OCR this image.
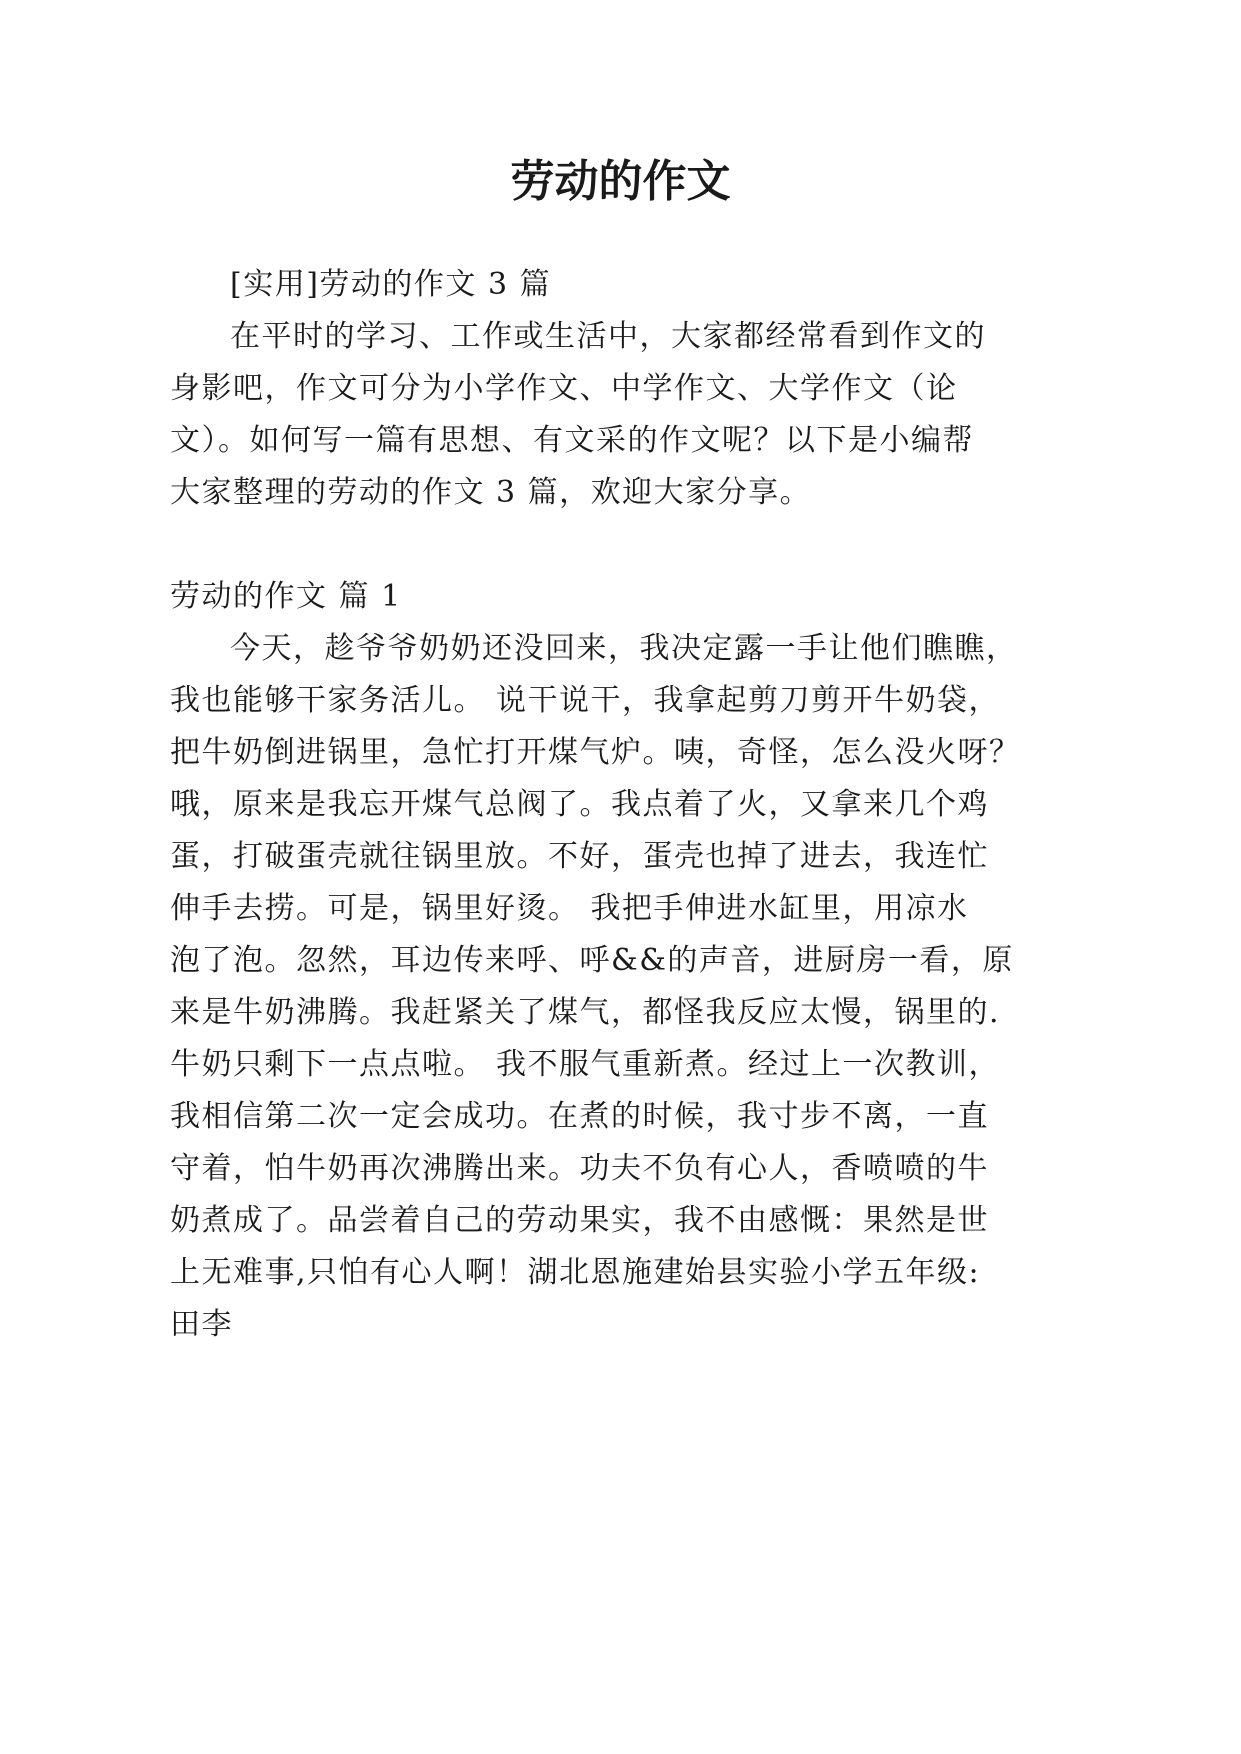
劳动的作文
[实用]劳动的作文 3 篇
在平时的学习、工作或生活中，大家都经常看到作文的
身影吧，作文可分为小学作文、中学作文、大学作文（论
文）。如何写一篇有思想、有文采的作文呢？以下是小编帮
大家整理的劳动的作文 3 篇，欢迎大家分享。
劳动的作文 篇 1
今天，趁爷爷奶奶还没回来，我决定露一手让他们瞧瞧，
我也能够干家务活儿。 说干说干，我拿起剪刀剪开牛奶袋，
把牛奶倒进锅里，急忙打开煤气炉。咦，奇怪，怎么没火呀？
哦，原来是我忘开煤气总阀了。我点着了火，又拿来几个鸡
蛋，打破蛋壳就往锅里放。不好，蛋壳也掉了进去，我连忙
伸手去捞。可是，锅里好烫。 我把手伸进水缸里，用凉水
泡了泡。忽然，耳边传来呼、呼&&的声音，进厨房一看，原
来是牛奶沸腾。我赶紧关了煤气，都怪我反应太慢，锅里的.
牛奶只剩下一点点啦。 我不服气重新煮。经过上一次教训，
我相信第二次一定会成功。在煮的时候，我寸步不离，一直
守着，怕牛奶再次沸腾出来。功夫不负有心人，香喷喷的牛
奶煮成了。品尝着自己的劳动果实，我不由感慨：果然是世
上无难事,只怕有心人啊！湖北恩施建始县实验小学五年级:
田李
